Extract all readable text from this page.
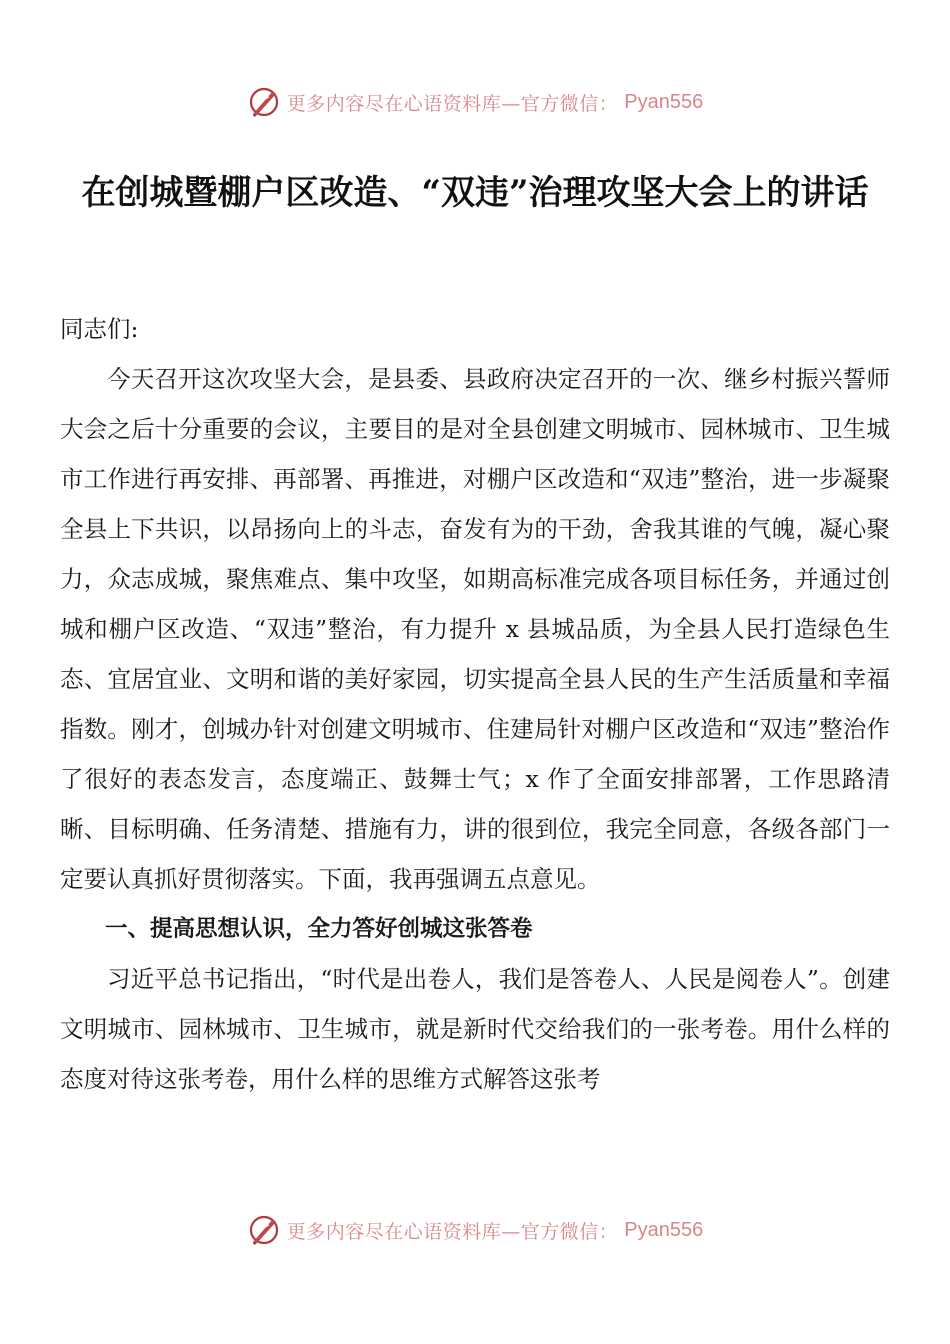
更多内容尽在心语资料库—官方微信： Pyan556
在创城暨棚户区改造、“双违”治理攻坚大会上的讲话

同志们:

今天召开这次攻坚大会，是县委、县政府决定召开的一次、继乡村振兴誓师大会之后十分重要的会议，主要目的是对全县创建文明城市、园林城市、卫生城市工作进行再安排、再部署、再推进，对棚户区改造和“双违”整治，进一步凝聚全县上下共识，以昂扬向上的斗志，奋发有为的干劲，舍我其谁的气魄，凝心聚力，众志成城，聚焦难点、集中攻坚，如期高标准完成各项目标任务，并通过创城和棚户区改造、“双违”整治，有力提升 x 县城品质，为全县人民打造绿色生态、宜居宜业、文明和谐的美好家园，切实提高全县人民的生产生活质量和幸福指数。刚才，创城办针对创建文明城市、住建局针对棚户区改造和“双违”整治作了很好的表态发言，态度端正、鼓舞士气；x 作了全面安排部署，工作思路清晰、目标明确、任务清楚、措施有力，讲的很到位，我完全同意，各级各部门一定要认真抓好贯彻落实。下面，我再强调五点意见。

一、提高思想认识，全力答好创城这张答卷

习近平总书记指出，“时代是出卷人，我们是答卷人、人民是阅卷人”。创建文明城市、园林城市、卫生城市，就是新时代交给我们的一张考卷。用什么样的态度对待这张考卷，用什么样的思维方式解答这张考

更多内容尽在心语资料库—官方微信： Pyan556
